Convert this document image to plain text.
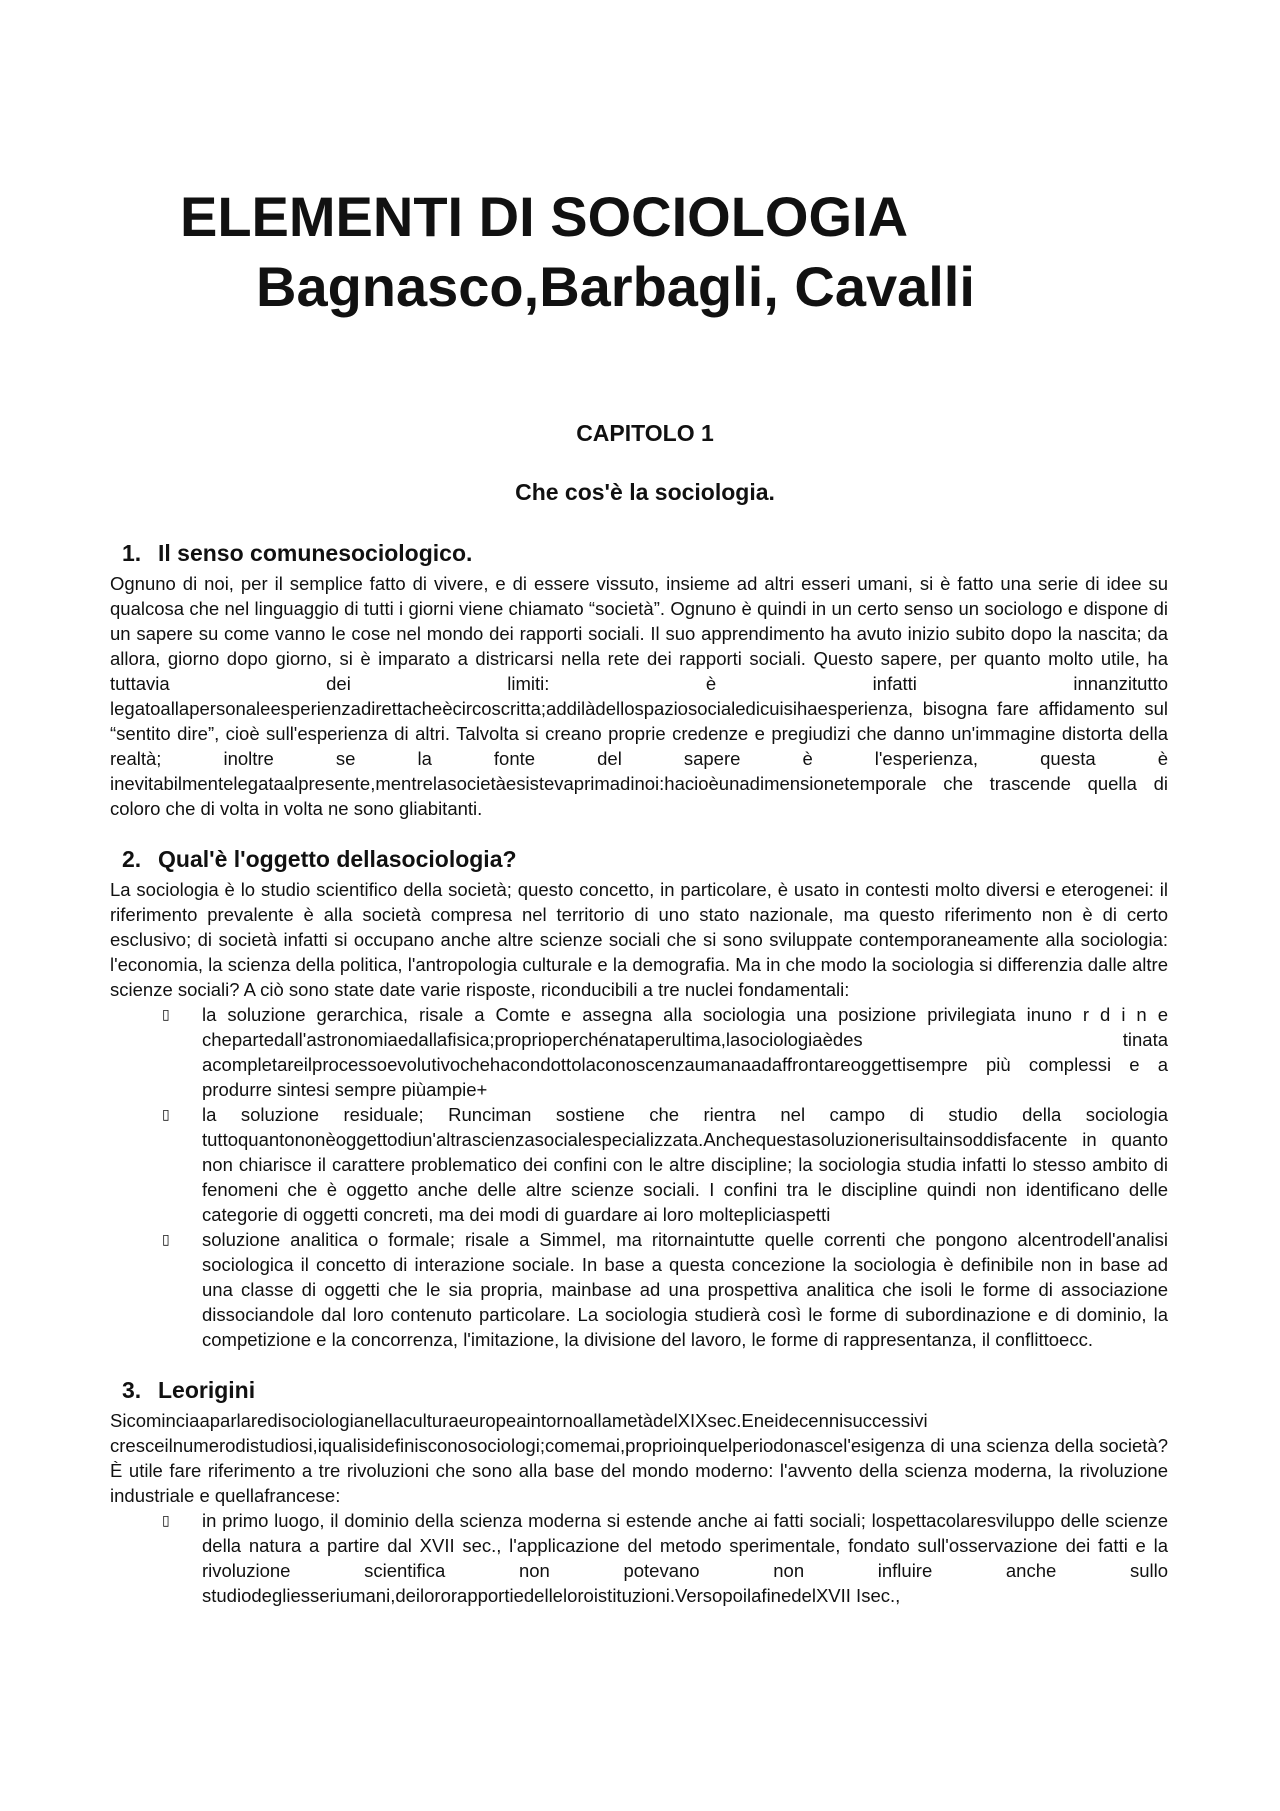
ELEMENTI DI SOCIOLOGIA
Bagnasco,Barbagli, Cavalli
CAPITOLO 1
Che cos'è la sociologia.
1. Il senso comunesociologico.

Ognuno di noi, per il semplice fatto di vivere, e di essere vissuto, insieme ad altri esseri umani, si è fatto una serie di idee su qualcosa che nel linguaggio di tutti i giorni viene chiamato “società”. Ognuno è quindi in un certo senso un sociologo e dispone di un sapere su come vanno le cose nel mondo dei rapporti sociali. Il suo apprendimento ha avuto inizio subito dopo la nascita; da allora, giorno dopo giorno, si è imparato a districarsi nella rete dei rapporti sociali. Questo sapere, per quanto molto utile, ha tuttavia dei limiti: è infatti innanzitutto legatoallapersonaleesperienzadirettacheècircoscritta;addilàdellospaziosocialedicuisihaesperienza, bisogna fare affidamento sul “sentito dire”, cioè sull'esperienza di altri. Talvolta si creano proprie credenze e pregiudizi che danno un'immagine distorta della realtà; inoltre se la fonte del sapere è l'esperienza, questa è inevitabilmentelegataalpresente,mentrelasocietàesistevaprimadinoi:hacioèunadimensionetemporale che trascende quella di coloro che di volta in volta ne sono gliabitanti.

2. Qual'è l'oggetto dellasociologia?

La sociologia è lo studio scientifico della società; questo concetto, in particolare, è usato in contesti molto diversi e eterogenei: il riferimento prevalente è alla società compresa nel territorio di uno stato nazionale, ma questo riferimento non è di certo esclusivo; di società infatti si occupano anche altre scienze sociali che si sono sviluppate contemporaneamente alla sociologia: l'economia, la scienza della politica, l'antropologia culturale e la demografia. Ma in che modo la sociologia si differenzia dalle altre scienze sociali? A ciò sono state date varie risposte, riconducibili a tre nuclei fondamentali:

▯ la soluzione gerarchica, risale a Comte e assegna alla sociologia una posizione privilegiata inuno r d i n e chepartedall'astronomiaedallafisica;proprioperchénataperultima,lasociologiaèdes tinata acompletareilprocessoevolutivochehacondottolaconoscenzaumanaadaffrontareoggettisempre più complessi e a produrre sintesi sempre piùampie+
▯ la soluzione residuale; Runciman sostiene che rientra nel campo di studio della sociologia tuttoquantononèoggettodiun'altrascienzasocialespecializzata.Anchequestasoluzionerisultainsoddisfacente in quanto non chiarisce il carattere problematico dei confini con le altre discipline; la sociologia studia infatti lo stesso ambito di fenomeni che è oggetto anche delle altre scienze sociali. I confini tra le discipline quindi non identificano delle categorie di oggetti concreti, ma dei modi di guardare ai loro moltepliciaspetti
▯ soluzione analitica o formale; risale a Simmel, ma ritornaintutte quelle correnti che pongono alcentrodell'analisi sociologica il concetto di interazione sociale. In base a questa concezione la sociologia è definibile non in base ad una classe di oggetti che le sia propria, mainbase ad una prospettiva analitica che isoli le forme di associazione dissociandole dal loro contenuto particolare. La sociologia studierà così le forme di subordinazione e di dominio, la competizione e la concorrenza, l'imitazione, la divisione del lavoro, le forme di rappresentanza, il conflittoecc.
3. Leorigini

SicominciaaparlaredisociologianellaculturaeuropeaintornoallametàdelXIXsec.Eneidecennisuccessivi cresceilnumerodistudiosi,iqualisidefinisconosociologi;comemai,proprioinquelperiodonascel'esigenza di una scienza della società? È utile fare riferimento a tre rivoluzioni che sono alla base del mondo moderno: l'avvento della scienza moderna, la rivoluzione industriale e quellafrancese:

▯ in primo luogo, il dominio della scienza moderna si estende anche ai fatti sociali; lospettacolaresviluppo delle scienze della natura a partire dal XVII sec., l'applicazione del metodo sperimentale, fondato sull'osservazione dei fatti e la rivoluzione scientifica non potevano non influire anche sullo studiodegliesseriumani,deilororapportiedelleloroistituzioni.VersopoilafinedelXVII Isec.,
